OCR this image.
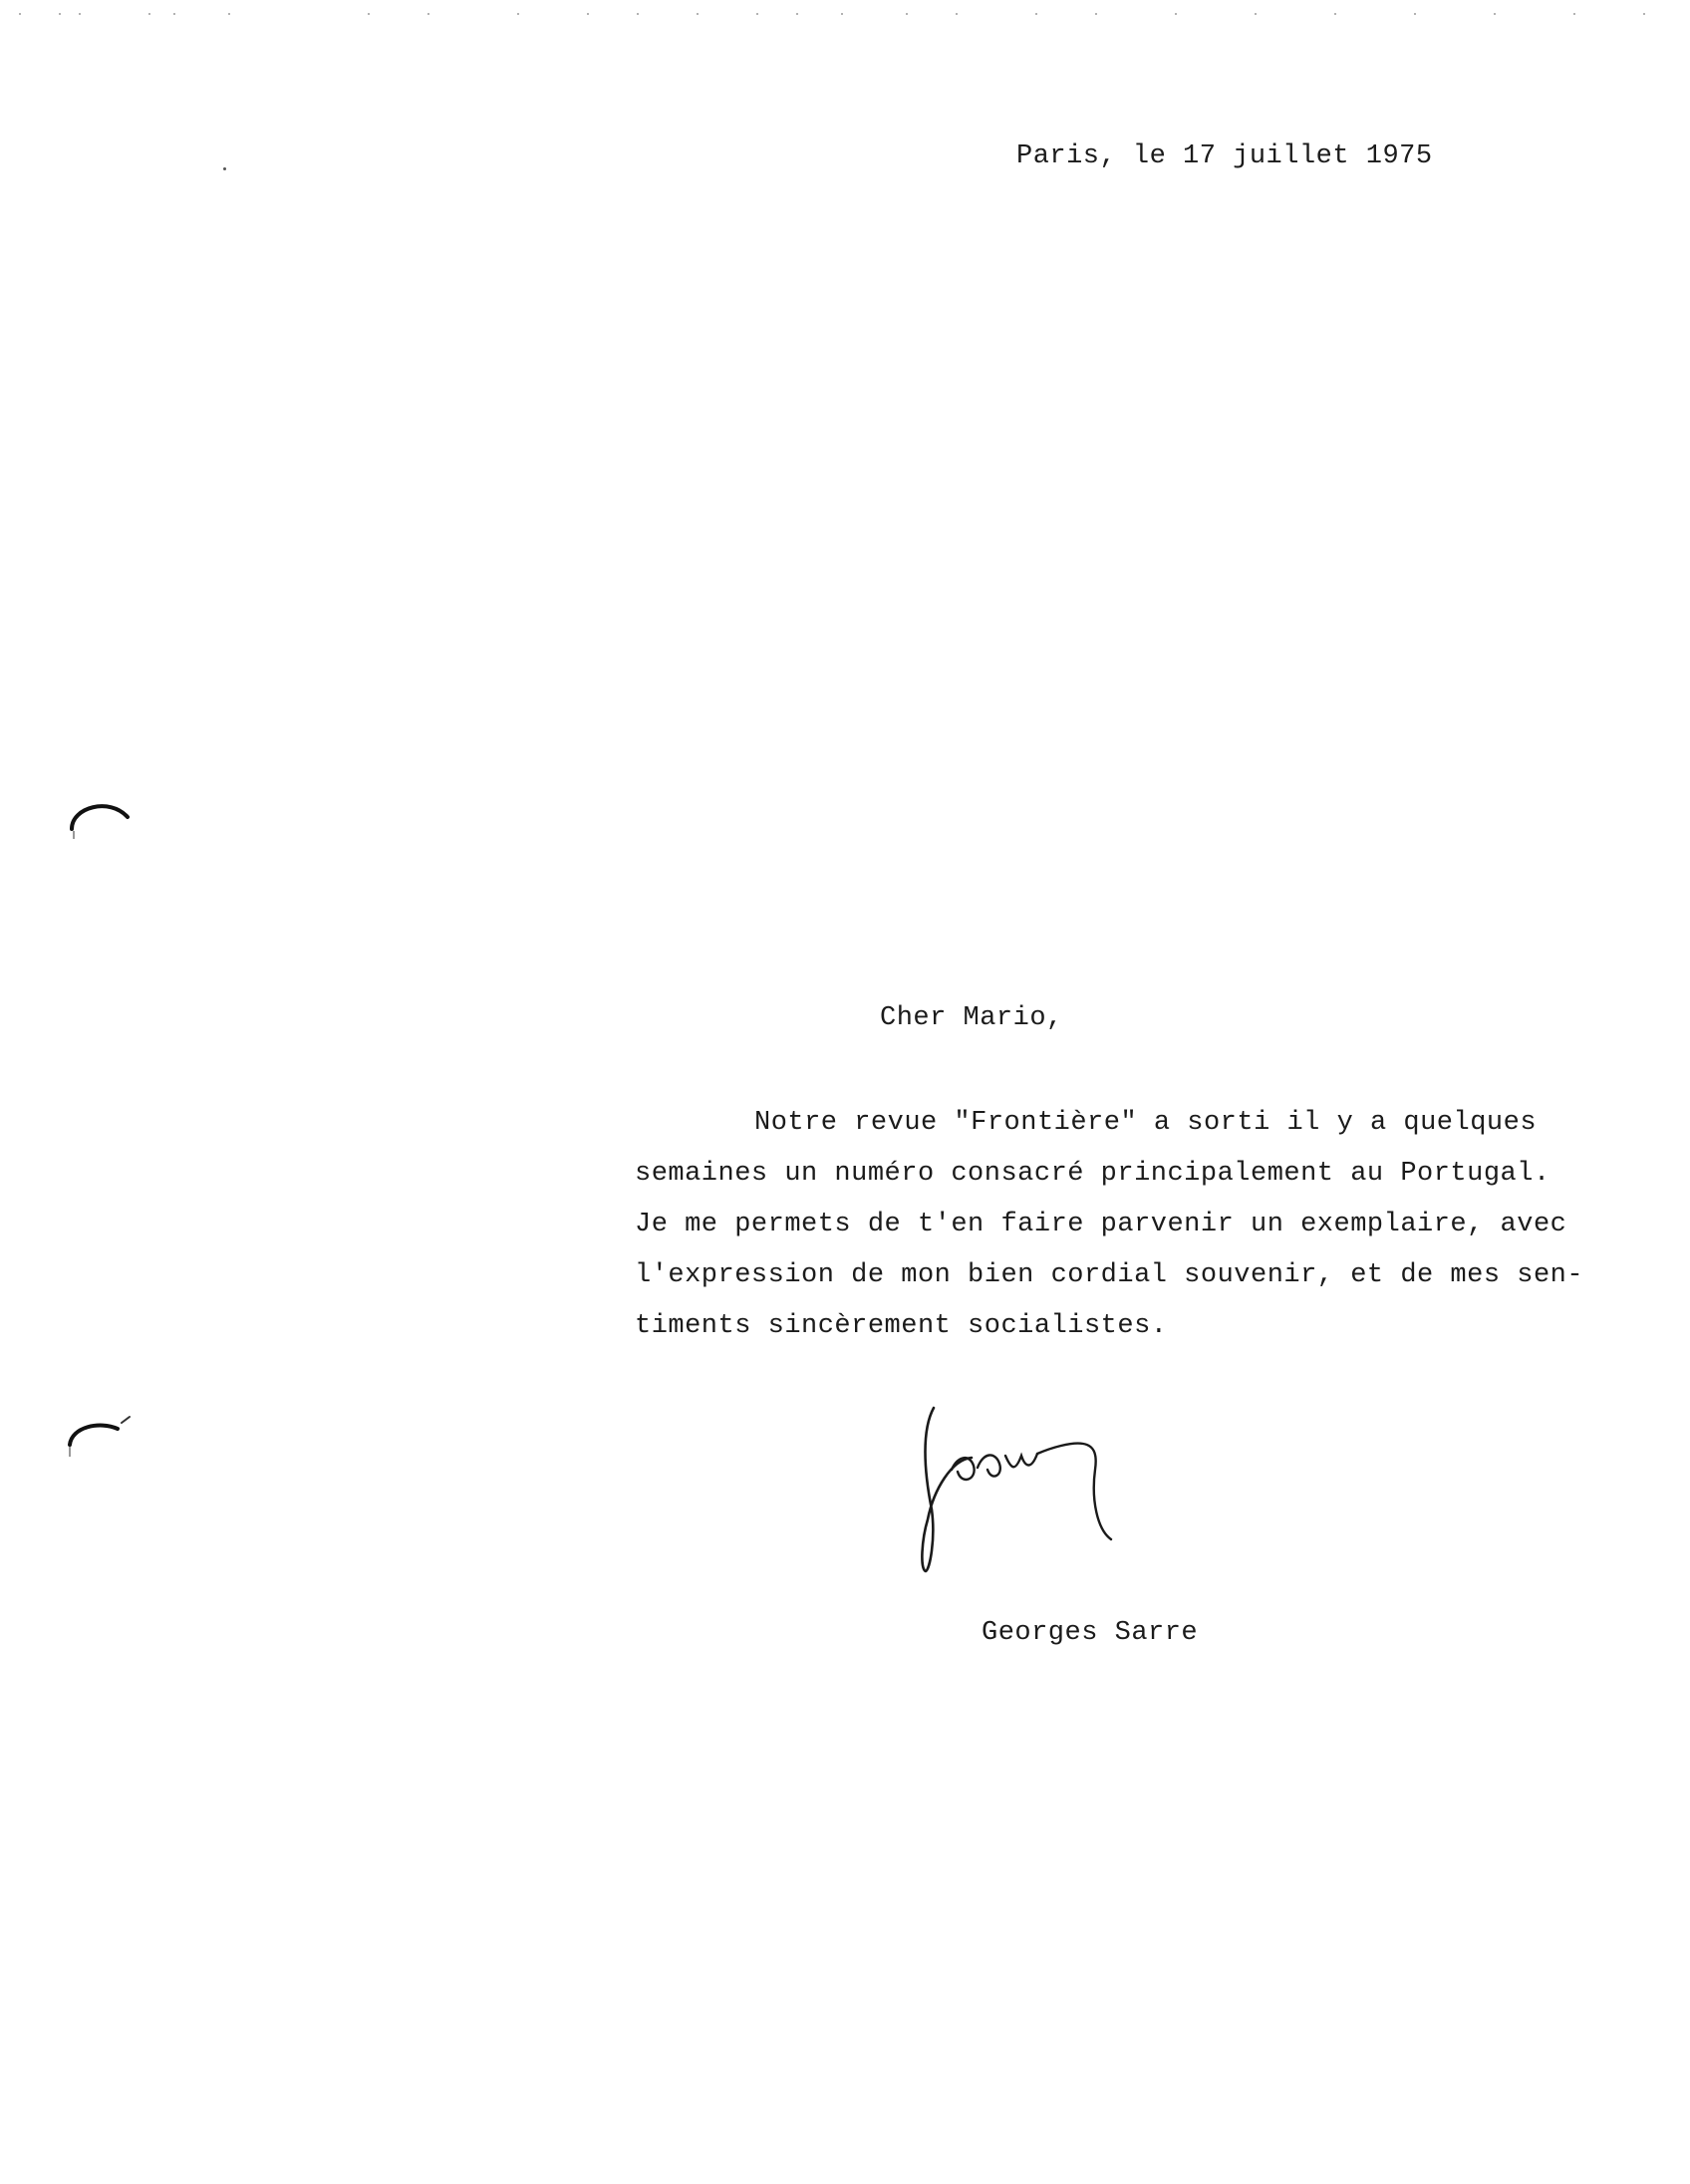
Paris, le 17 juillet 1975
Cher Mario,
Notre revue "Frontière" a sorti il y a quelques
semaines un numéro consacré principalement au Portugal.
Je me permets de t'en faire parvenir un exemplaire, avec
l'expression de mon bien cordial souvenir, et de mes sen-
timents sincèrement socialistes.
Georges Sarre
